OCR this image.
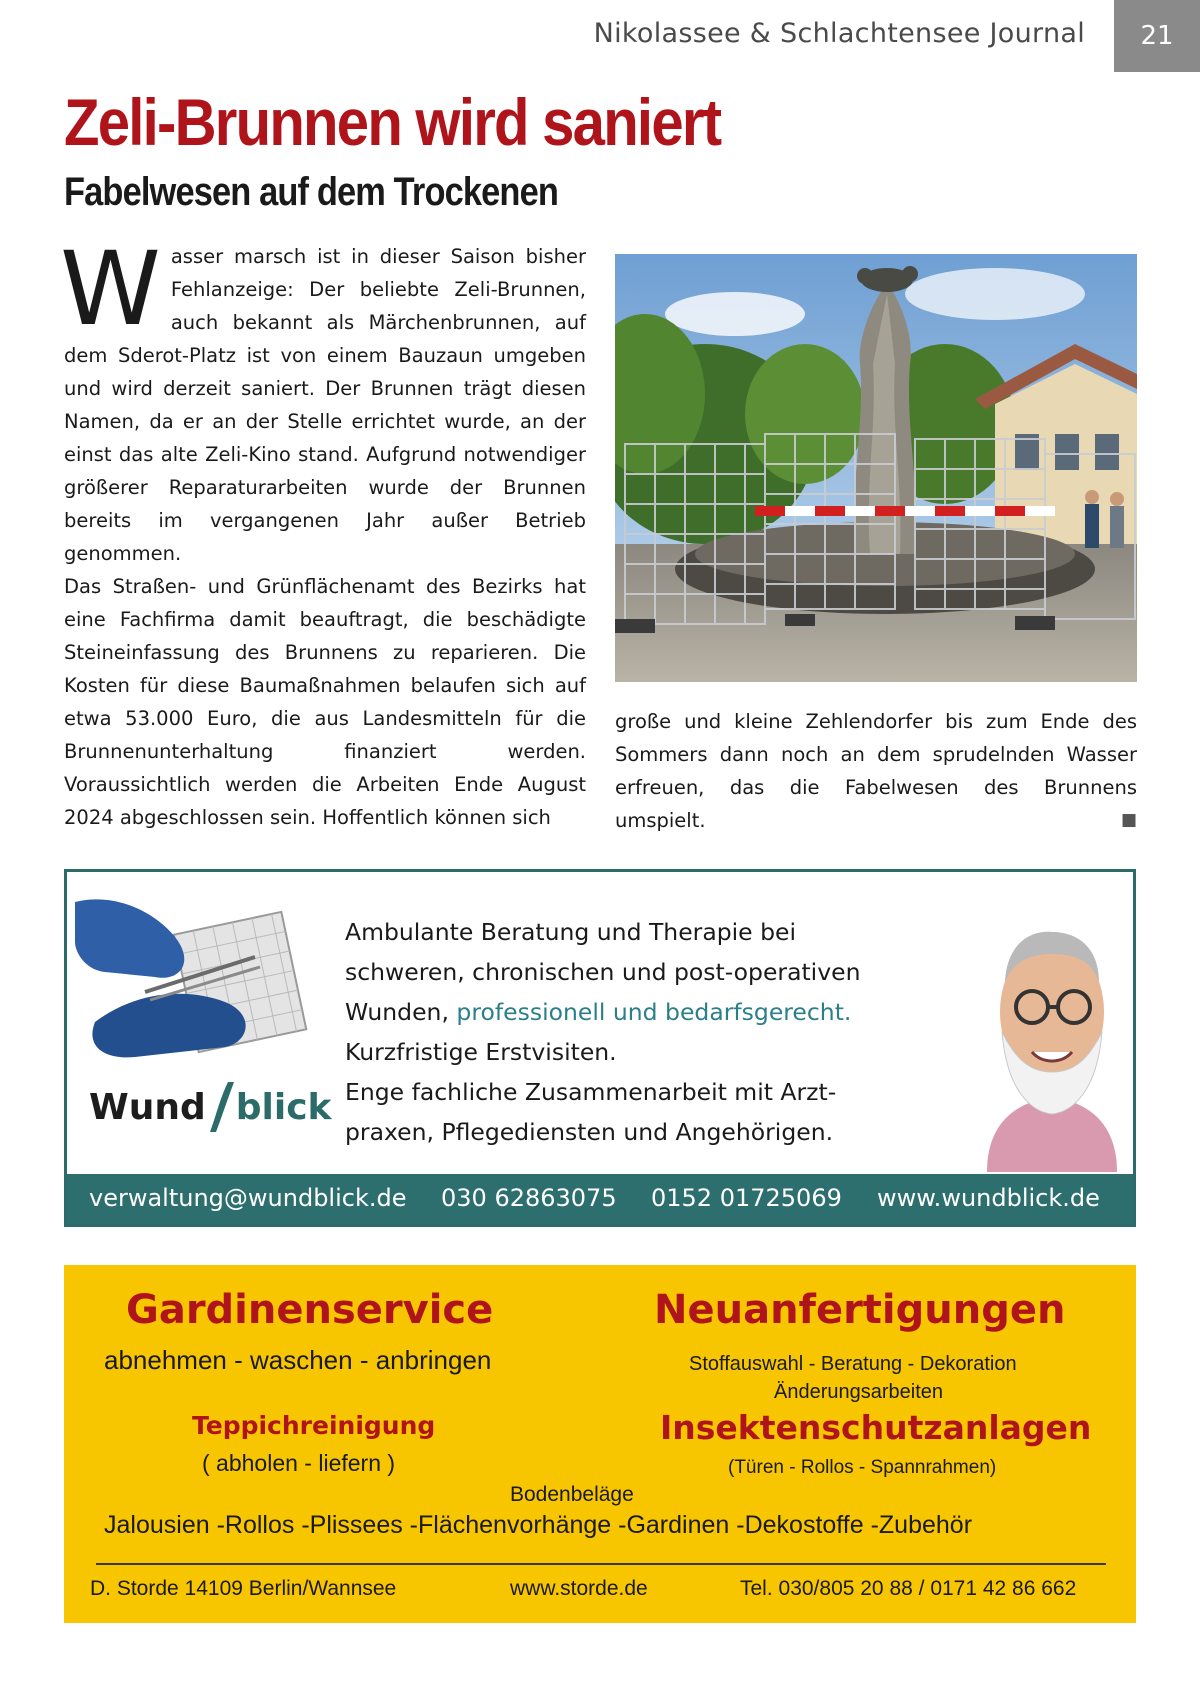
Nikolassee & Schlachtensee Journal	21
Zeli-Brunnen wird saniert
Fabelwesen auf dem Trockenen
W asser marsch ist in dieser Saison bisher Fehlanzeige: Der beliebte Zeli-Brunnen, auch bekannt als Märchenbrunnen, auf dem Sderot-Platz ist von einem Bauzaun umgeben und wird derzeit saniert. Der Brunnen trägt diesen Namen, da er an der Stelle errichtet wurde, an der einst das alte Zeli-Kino stand. Aufgrund notwendiger größerer Reparaturarbeiten wurde der Brunnen bereits im vergangenen Jahr außer Betrieb genommen.

Das Straßen- und Grünflächenamt des Bezirks hat eine Fachfirma damit beauftragt, die beschädigte Steineinfassung des Brunnens zu reparieren. Die Kosten für diese Baumaßnahmen belaufen sich auf etwa 53.000 Euro, die aus Landesmitteln für die Brunnenunterhaltung finanziert werden. Voraussichtlich werden die Arbeiten Ende August 2024 abgeschlossen sein. Hoffentlich können sich

große und kleine Zehlendorfer bis zum Ende des Sommers dann noch an dem sprudelnden Wasser erfreuen, das die Fabelwesen des Brunnens umspielt.	■

Wund blick
Ambulante Beratung und Therapie bei
schweren, chronischen und post-operativen
Wunden, professionell und bedarfsgerecht.
Kurzfristige Erstvisiten.
Enge fachliche Zusammenarbeit mit Arzt-
praxen, Pflegediensten und Angehörigen.
verwaltung@wundblick.de 030 62863075 0152 01725069 www.wundblick.de
Gardinenservice
abnehmen - waschen - anbringen
Neuanfertigungen
Stoffauswahl - Beratung - Dekoration
Änderungsarbeiten
Teppichreinigung
( abholen - liefern )
Insektenschutzanlagen
(Türen - Rollos - Spannrahmen)
Bodenbeläge
Jalousien -Rollos -Plissees -Flächenvorhänge -Gardinen -Dekostoffe -Zubehör
D. Storde 14109 Berlin/Wannsee	www.storde.de	Tel. 030/805 20 88 / 0171 42 86 662
